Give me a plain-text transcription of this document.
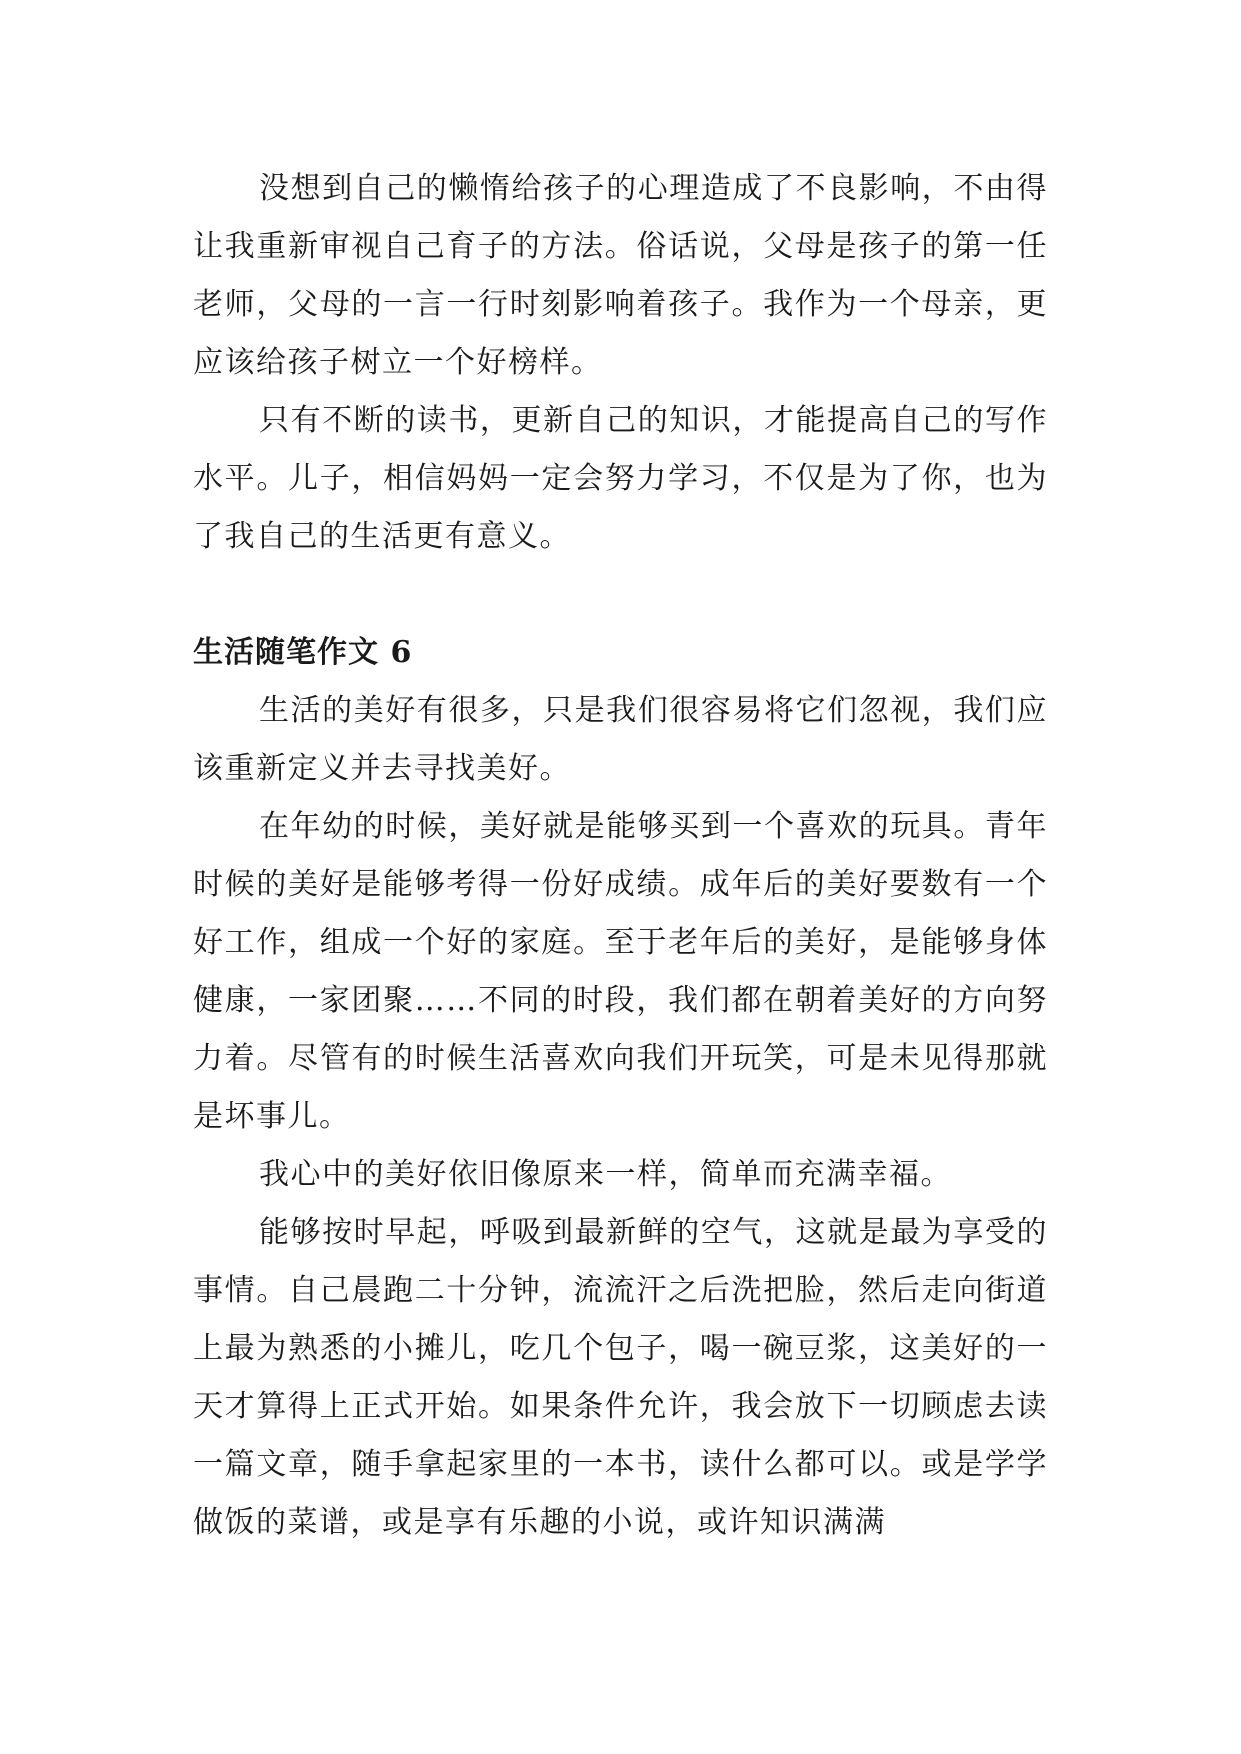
没想到自己的懒惰给孩子的心理造成了不良影响，不由得让我重新审视自己育子的方法。俗话说，父母是孩子的第一任老师，父母的一言一行时刻影响着孩子。我作为一个母亲，更应该给孩子树立一个好榜样。

只有不断的读书，更新自己的知识，才能提高自己的写作水平。儿子，相信妈妈一定会努力学习，不仅是为了你，也为了我自己的生活更有意义。

生活随笔作文 6

生活的美好有很多，只是我们很容易将它们忽视，我们应该重新定义并去寻找美好。

在年幼的时候，美好就是能够买到一个喜欢的玩具。青年时候的美好是能够考得一份好成绩。成年后的美好要数有一个好工作，组成一个好的家庭。至于老年后的美好，是能够身体健康，一家团聚……不同的时段，我们都在朝着美好的方向努力着。尽管有的时候生活喜欢向我们开玩笑，可是未见得那就是坏事儿。

我心中的美好依旧像原来一样，简单而充满幸福。

能够按时早起，呼吸到最新鲜的空气，这就是最为享受的事情。自己晨跑二十分钟，流流汗之后洗把脸，然后走向街道上最为熟悉的小摊儿，吃几个包子，喝一碗豆浆，这美好的一天才算得上正式开始。如果条件允许，我会放下一切顾虑去读一篇文章，随手拿起家里的一本书，读什么都可以。或是学学做饭的菜谱，或是享有乐趣的小说，或许知识满满
